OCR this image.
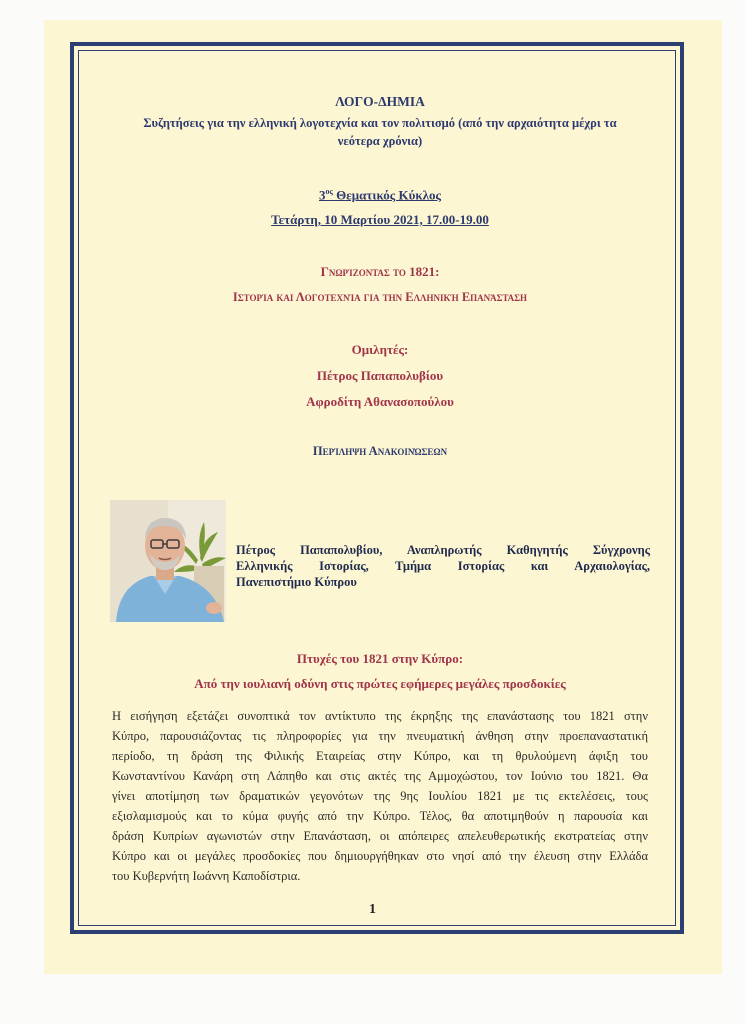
ΛΟΓΟ-ΔΗΜΙΑ
Συζητήσεις για την ελληνική λογοτεχνία και τον πολιτισμό (από την αρχαιότητα μέχρι τα
νεότερα χρόνια)
$3^{o\varsigma}$ Θεματικός Κύκλος
Τετάρτη, 10 Μαρτίου 2021, 17.00-19.00
Γνωρίζοντας το 1821:
Ιστορία και Λογοτεχνία για την Ελληνική Επανάσταση
Ομιλητές:
Πέτρος Παπαπολυβίου
Αφροδίτη Αθανασοπούλου
Περίληψη Ανακοινώσεων
Πέτρος Παπαπολυβίου, Αναπληρωτής Καθηγητής Σύγχρονης
Ελληνικής Ιστορίας, Τμήμα Ιστορίας και Αρχαιολογίας,
Πανεπιστήμιο Κύπρου
Πτυχές του 1821 στην Κύπρο:
Από την ιουλιανή οδύνη στις πρώτες εφήμερες μεγάλες προσδοκίες
Η εισήγηση εξετάζει συνοπτικά τον αντίκτυπο της έκρηξης της επανάστασης του 1821 στην
Κύπρο, παρουσιάζοντας τις πληροφορίες για την πνευματική άνθηση στην προεπαναστατική
περίοδο, τη δράση της Φιλικής Εταιρείας στην Κύπρο, και τη θρυλούμενη άφιξη του
Κωνσταντίνου Κανάρη στη Λάπηθο και στις ακτές της Αμμοχώστου, τον Ιούνιο του 1821. Θα
γίνει αποτίμηση των δραματικών γεγονότων της 9ης Ιουλίου 1821 με τις εκτελέσεις, τους
εξισλαμισμούς και το κύμα φυγής από την Κύπρο. Τέλος, θα αποτιμηθούν η παρουσία και
δράση Κυπρίων αγωνιστών στην Επανάσταση, οι απόπειρες απελευθερωτικής εκστρατείας στην
Κύπρο και οι μεγάλες προσδοκίες που δημιουργήθηκαν στο νησί από την έλευση στην Ελλάδα
του Κυβερνήτη Ιωάννη Καποδίστρια.
1
